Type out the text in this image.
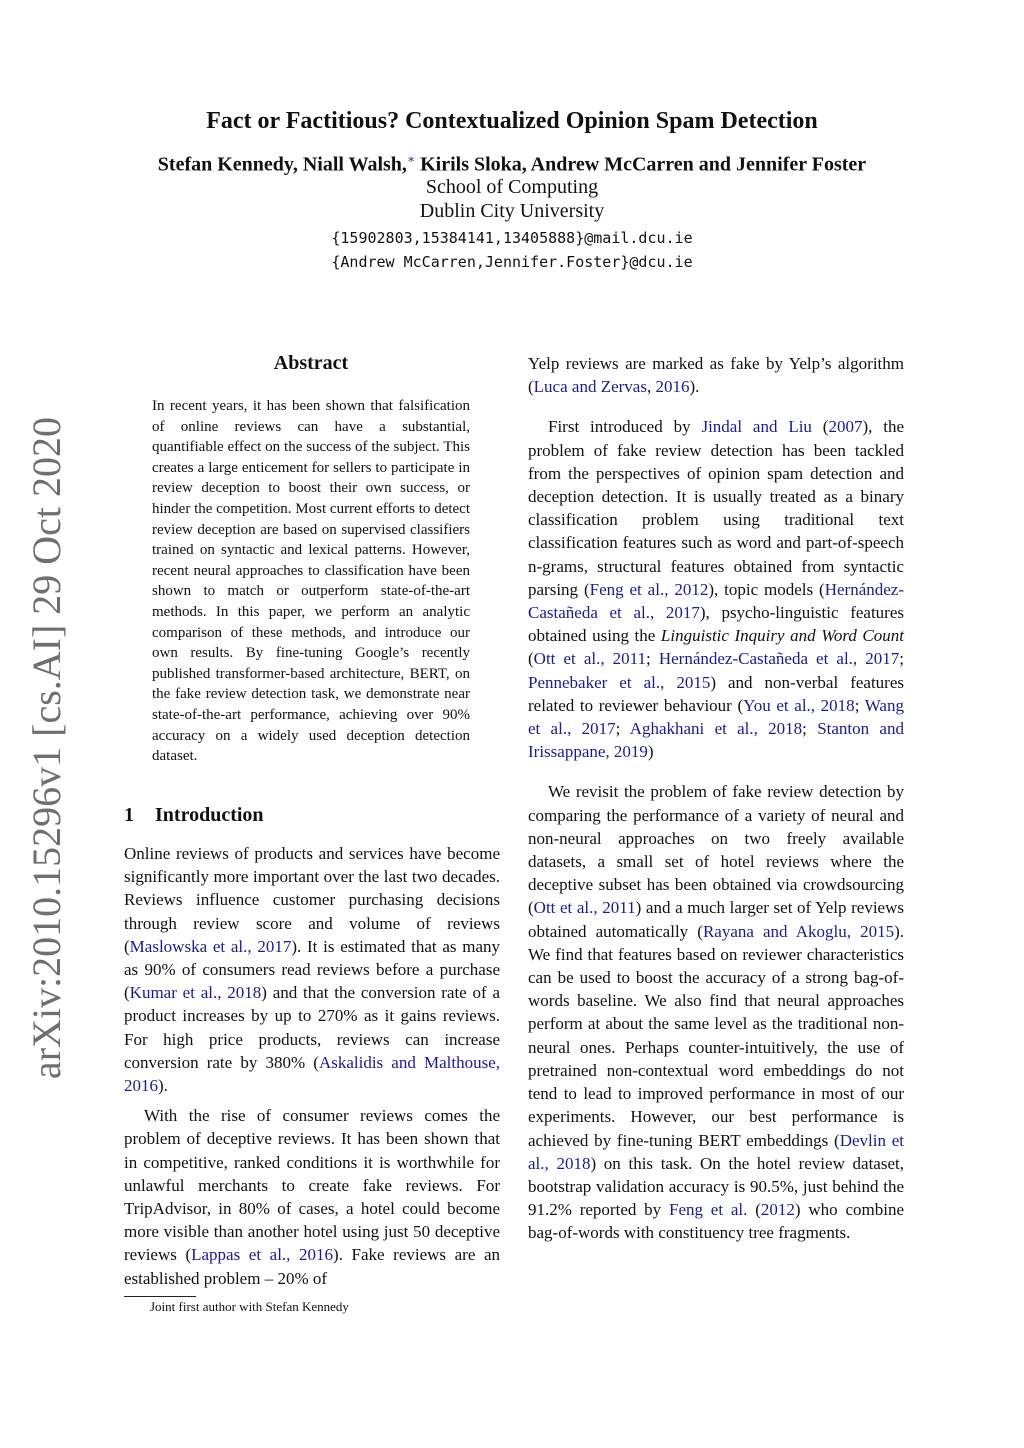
arXiv:2010.15296v1 [cs.AI] 29 Oct 2020
Fact or Factitious? Contextualized Opinion Spam Detection
Stefan Kennedy, Niall Walsh,∗ Kirils Sloka, Andrew McCarren and Jennifer Foster
School of Computing
Dublin City University
{15902803,15384141,13405888}@mail.dcu.ie
{Andrew McCarren,Jennifer.Foster}@dcu.ie
Abstract
In recent years, it has been shown that falsification of online reviews can have a substantial, quantifiable effect on the success of the subject. This creates a large enticement for sellers to participate in review deception to boost their own success, or hinder the competition. Most current efforts to detect review deception are based on supervised classifiers trained on syntactic and lexical patterns. However, recent neural approaches to classification have been shown to match or outperform state-of-the-art methods. In this paper, we perform an analytic comparison of these methods, and introduce our own results. By fine-tuning Google’s recently published transformer-based architecture, BERT, on the fake review detection task, we demonstrate near state-of-the-art performance, achieving over 90% accuracy on a widely used deception detection dataset.
1 Introduction

Online reviews of products and services have become significantly more important over the last two decades. Reviews influence customer purchasing decisions through review score and volume of reviews (Maslowska et al., 2017). It is estimated that as many as 90% of consumers read reviews before a purchase (Kumar et al., 2018) and that the conversion rate of a product increases by up to 270% as it gains reviews. For high price products, reviews can increase conversion rate by 380% (Askalidis and Malthouse, 2016).

With the rise of consumer reviews comes the problem of deceptive reviews. It has been shown that in competitive, ranked conditions it is worthwhile for unlawful merchants to create fake reviews. For TripAdvisor, in 80% of cases, a hotel could become more visible than another hotel using just 50 deceptive reviews (Lappas et al., 2016). Fake reviews are an established problem – 20% of

Joint first author with Stefan Kennedy

Yelp reviews are marked as fake by Yelp’s algorithm (Luca and Zervas, 2016).

First introduced by Jindal and Liu (2007), the problem of fake review detection has been tackled from the perspectives of opinion spam detection and deception detection. It is usually treated as a binary classification problem using traditional text classification features such as word and part-of-speech n-grams, structural features obtained from syntactic parsing (Feng et al., 2012), topic models (Hernández-Castañeda et al., 2017), psycho-linguistic features obtained using the Linguistic Inquiry and Word Count (Ott et al., 2011; Hernández-Castañeda et al., 2017; Pennebaker et al., 2015) and non-verbal features related to reviewer behaviour (You et al., 2018; Wang et al., 2017; Aghakhani et al., 2018; Stanton and Irissappane, 2019)

We revisit the problem of fake review detection by comparing the performance of a variety of neural and non-neural approaches on two freely available datasets, a small set of hotel reviews where the deceptive subset has been obtained via crowdsourcing (Ott et al., 2011) and a much larger set of Yelp reviews obtained automatically (Rayana and Akoglu, 2015). We find that features based on reviewer characteristics can be used to boost the accuracy of a strong bag-of-words baseline. We also find that neural approaches perform at about the same level as the traditional non-neural ones. Perhaps counter-intuitively, the use of pretrained non-contextual word embeddings do not tend to lead to improved performance in most of our experiments. However, our best performance is achieved by fine-tuning BERT embeddings (Devlin et al., 2018) on this task. On the hotel review dataset, bootstrap validation accuracy is 90.5%, just behind the 91.2% reported by Feng et al. (2012) who combine bag-of-words with constituency tree fragments.
